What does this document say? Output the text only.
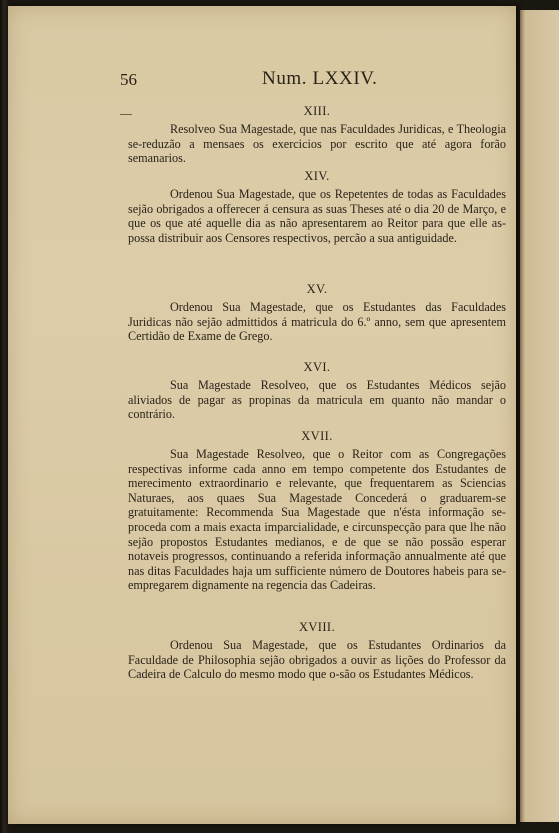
56	Num. LXXIV.
XIII.

Resolveo Sua Magestade, que nas Faculdades Juridicas, e Theologia se-reduzão a mensaes os exercicios por escrito que até agora forão semanarios.

XIV.

Ordenou Sua Magestade, que os Repetentes de todas as Faculdades sejão obrigados a offerecer á censura as suas Theses até o dia 20 de Março, e que os que até aquelle dia as não apresentarem ao Reitor para que elle as-possa distribuir aos Censores respectivos, percão a sua antiguidade.

XV.

Ordenou Sua Magestade, que os Estudantes das Faculdades Juridicas não sejão admittidos á matricula do 6.º anno, sem que apresentem Certidão de Exame de Grego.

XVI.

Sua Magestade Resolveo, que os Estudantes Médicos sejão aliviados de pagar as propinas da matricula em quanto não mandar o contrário.

XVII.

Sua Magestade Resolveo, que o Reitor com as Congregações respectivas informe cada anno em tempo competente dos Estudantes de merecimento extraordinario e relevante, que frequentarem as Sciencias Naturaes, aos quaes Sua Magestade Concederá o graduarem-se gratuitamente: Recommenda Sua Magestade que n'ésta informação se-proceda com a mais exacta imparcialidade, e circunspecção para que lhe não sejão propostos Estudantes medianos, e de que se não possão esperar notaveis progressos, continuando a referida informação annualmente até que nas ditas Faculdades haja um sufficiente número de Doutores habeis para se-empregarem dignamente na regencia das Cadeiras.

XVIII.

Ordenou Sua Magestade, que os Estudantes Ordinarios da Faculdade de Philosophia sejão obrigados a ouvir as lições do Professor da Cadeira de Calculo do mesmo modo que o-são os Estudantes Médicos.
